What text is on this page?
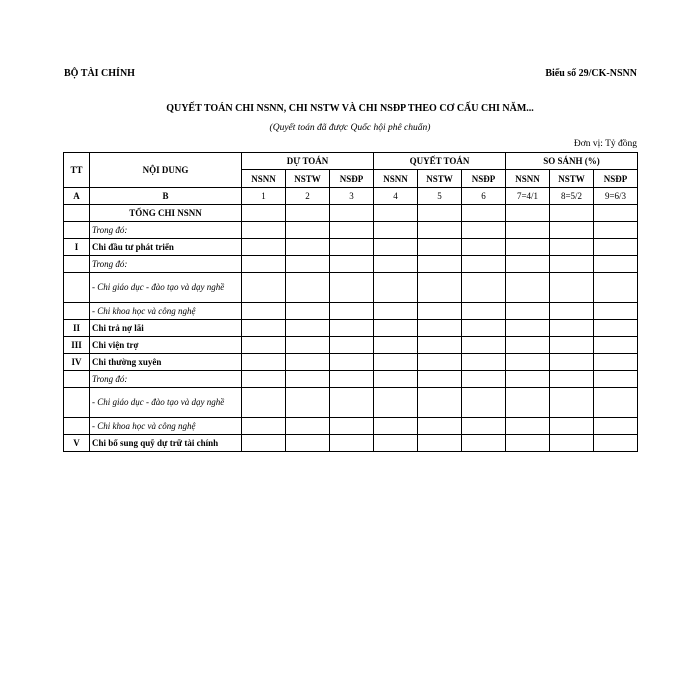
BỘ TÀI CHÍNH	Biểu số 29/CK-NSNN
QUYẾT TOÁN CHI NSNN, CHI NSTW VÀ CHI NSĐP THEO CƠ CẤU CHI NĂM...
(Quyết toán đã được Quốc hội phê chuẩn)
Đơn vị: Tỷ đồng
TT	NỘI DUNG	DỰ TOÁN			QUYẾT TOÁN			SO SÁNH (%)		
		NSNN	NSTW	NSĐP	NSNN	NSTW	NSĐP	NSNN	NSTW	NSĐP
A	B	1	2	3	4	5	6	7=4/1	8=5/2	9=6/3
	TỔNG CHI NSNN									
	Trong đó:									
I	Chi đầu tư phát triển									
	Trong đó:									
	- Chi giáo dục - đào tạo và dạy nghề									
	- Chi khoa học và công nghệ									
II	Chi trả nợ lãi									
III	Chi viện trợ									
IV	Chi thường xuyên									
	Trong đó:									
	- Chi giáo dục - đào tạo và dạy nghề									
	- Chi khoa học và công nghệ									
V	Chi bổ sung quỹ dự trữ tài chính									
